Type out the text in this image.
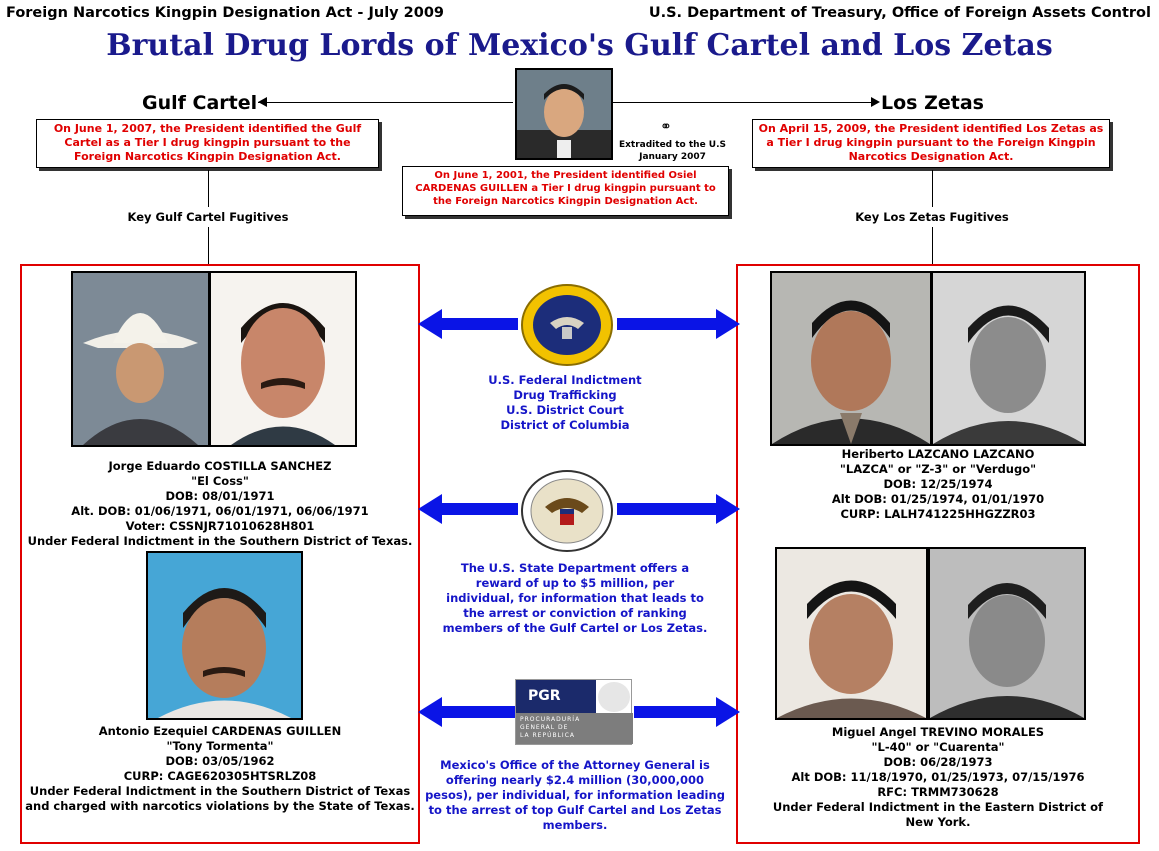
Foreign Narcotics Kingpin Designation Act - July 2009	U.S. Department of Treasury, Office of Foreign Assets Control
Brutal Drug Lords of Mexico's Gulf Cartel and Los Zetas
Gulf Cartel	Los Zetas
⚭
Extradited to the U.S
January 2007
On June 1, 2007, the President identified the Gulf Cartel as a Tier I drug kingpin pursuant to the Foreign Narcotics Kingpin Designation Act.
On June 1, 2001, the President identified Osiel CARDENAS GUILLEN a Tier I drug kingpin pursuant to the Foreign Narcotics Kingpin Designation Act.
On April 15, 2009, the President identified Los Zetas as a Tier I drug kingpin pursuant to the Foreign Kingpin Narcotics Designation Act.
Key Gulf Cartel Fugitives	Key Los Zetas Fugitives
Jorge Eduardo COSTILLA SANCHEZ
"El Coss"
DOB: 08/01/1971
Alt. DOB: 01/06/1971, 06/01/1971, 06/06/1971
Voter: CSSNJR71010628H801
Under Federal Indictment in the Southern District of Texas.
Antonio Ezequiel CARDENAS GUILLEN
"Tony Tormenta"
DOB: 03/05/1962
CURP: CAGE620305HTSRLZ08
Under Federal Indictment in the Southern District of Texas
and charged with narcotics violations by the State of Texas.
Heriberto LAZCANO LAZCANO
"LAZCA" or "Z-3" or "Verdugo"
DOB: 12/25/1974
Alt DOB: 01/25/1974, 01/01/1970
CURP: LALH741225HHGZZR03
Miguel Angel TREVINO MORALES
"L-40" or "Cuarenta"
DOB: 06/28/1973
Alt DOB: 11/18/1970, 01/25/1973, 07/15/1976
RFC: TRMM730628
Under Federal Indictment in the Eastern District of
New York.
U.S. Federal Indictment
Drug Trafficking
U.S. District Court
District of Columbia
The U.S. State Department offers a
reward of up to $5 million, per
individual, for information that leads to
the arrest or conviction of ranking
members of the Gulf Cartel or Los Zetas.
PGR
PROCURADURÍA
GENERAL DE
LA REPÚBLICA
Mexico's Office of the Attorney General is
offering nearly $2.4 million (30,000,000
pesos), per individual, for information leading
to the arrest of top Gulf Cartel and Los Zetas
members.
